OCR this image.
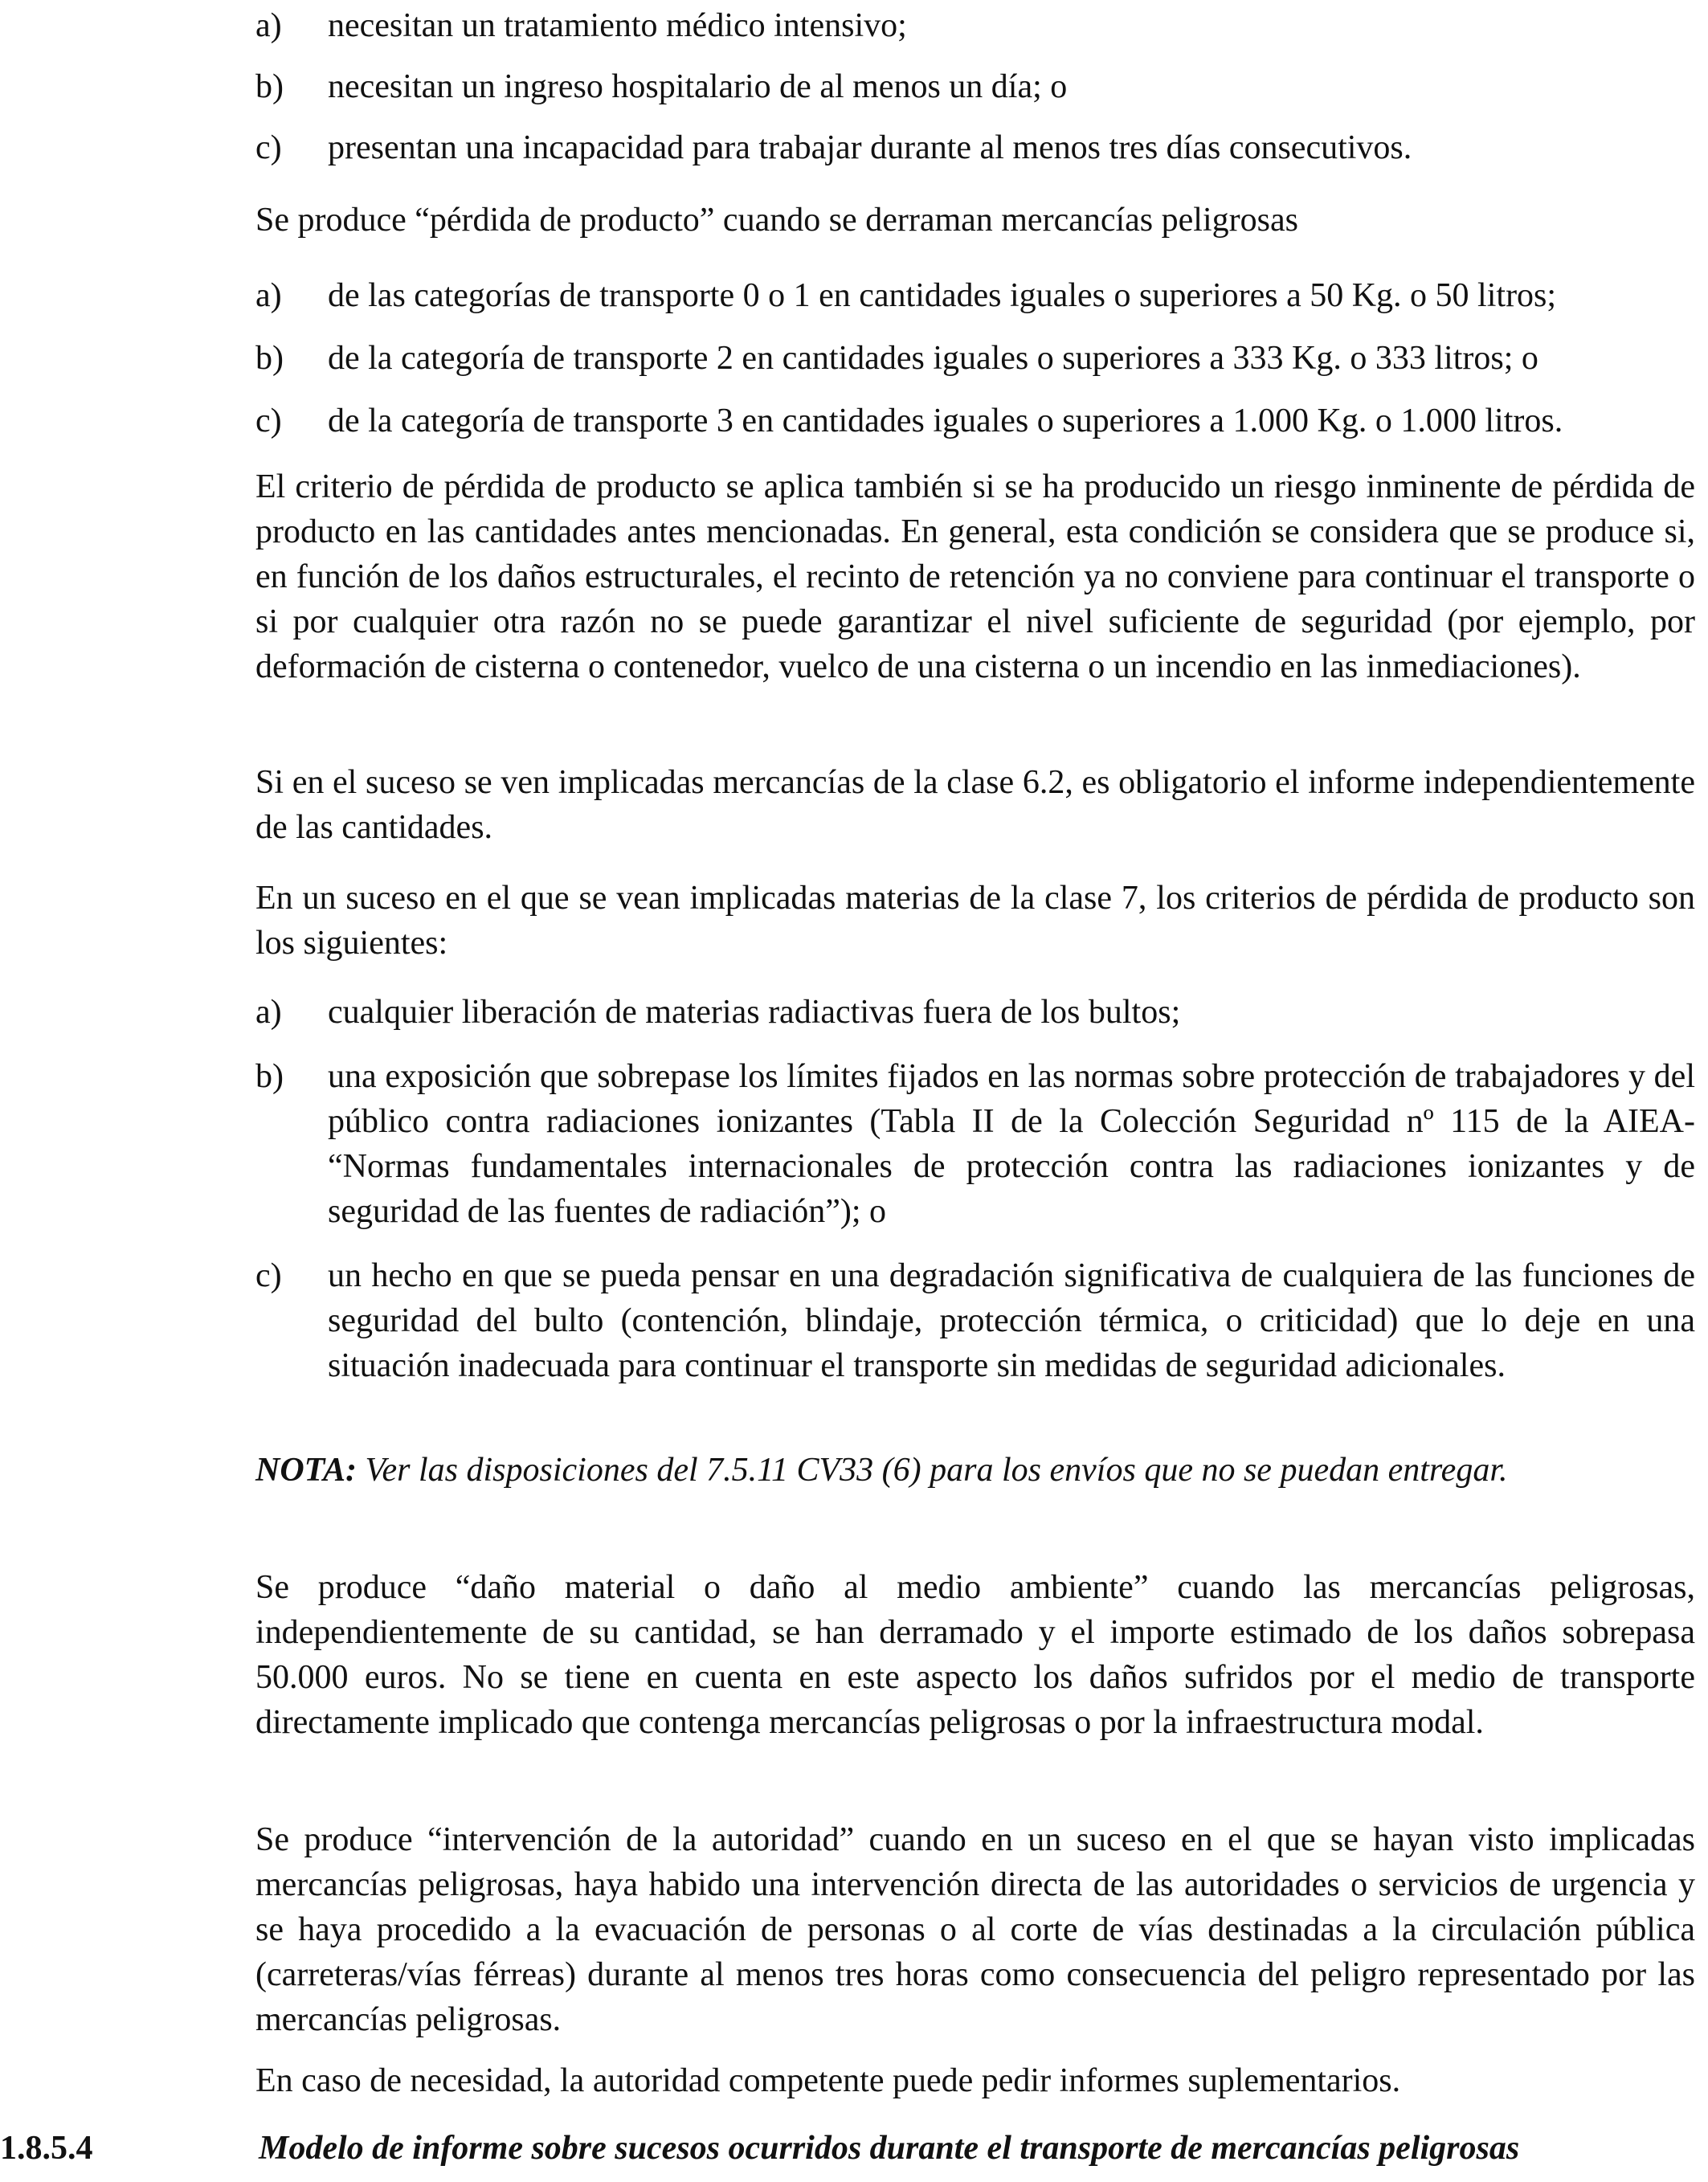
a)	necesitan un tratamiento médico intensivo;
b)	necesitan un ingreso hospitalario de al menos un día; o
c)	presentan una incapacidad para trabajar durante al menos tres días consecutivos.
Se produce “pérdida de producto” cuando se derraman mercancías peligrosas
a)	de las categorías de transporte 0 o 1 en cantidades iguales o superiores a 50 Kg. o 50 litros;
b)	de la categoría de transporte 2 en cantidades iguales o superiores a 333 Kg. o 333 litros; o
c)	de la categoría de transporte 3 en cantidades iguales o superiores a 1.000 Kg. o 1.000 litros.
El criterio de pérdida de producto se aplica también si se ha producido un riesgo inminente de pérdida de producto en las cantidades antes mencionadas. En general, esta condición se considera que se produce si, en función de los daños estructurales, el recinto de retención ya no conviene para continuar el transporte o si por cualquier otra razón no se puede garantizar el nivel suficiente de seguridad (por ejemplo, por deformación de cisterna o contenedor, vuelco de una cisterna o un incendio en las inmediaciones).
Si en el suceso se ven implicadas mercancías de la clase 6.2, es obligatorio el informe independientemente de las cantidades.
En un suceso en el que se vean implicadas materias de la clase 7, los criterios de pérdida de producto son los siguientes:
a)	cualquier liberación de materias radiactivas fuera de los bultos;
b)	una exposición que sobrepase los límites fijados en las normas sobre protección de trabajadores y del público contra radiaciones ionizantes (Tabla II de la Colección Seguridad nº 115 de la AIEA- “Normas fundamentales internacionales de protección contra las radiaciones ionizantes y de seguridad de las fuentes de radiación”); o
c)	un hecho en que se pueda pensar en una degradación significativa de cualquiera de las funciones de seguridad del bulto (contención, blindaje, protección térmica, o criticidad) que lo deje en una situación inadecuada para continuar el transporte sin medidas de seguridad adicionales.
NOTA: Ver las disposiciones del 7.5.11 CV33 (6) para los envíos que no se puedan entregar.
Se produce “daño material o daño al medio ambiente” cuando las mercancías peligrosas, independientemente de su cantidad, se han derramado y el importe estimado de los daños sobrepasa 50.000 euros. No se tiene en cuenta en este aspecto los daños sufridos por el medio de transporte directamente implicado que contenga mercancías peligrosas o por la infraestructura modal.
Se produce “intervención de la autoridad” cuando en un suceso en el que se hayan visto implicadas mercancías peligrosas, haya habido una intervención directa de las autoridades o servicios de urgencia y se haya procedido a la evacuación de personas o al corte de vías destinadas a la circulación pública (carreteras/vías férreas) durante al menos tres horas como consecuencia del peligro representado por las mercancías peligrosas.
En caso de necesidad, la autoridad competente puede pedir informes suplementarios.
1.8.5.4	Modelo de informe sobre sucesos ocurridos durante el transporte de mercancías peligrosas
